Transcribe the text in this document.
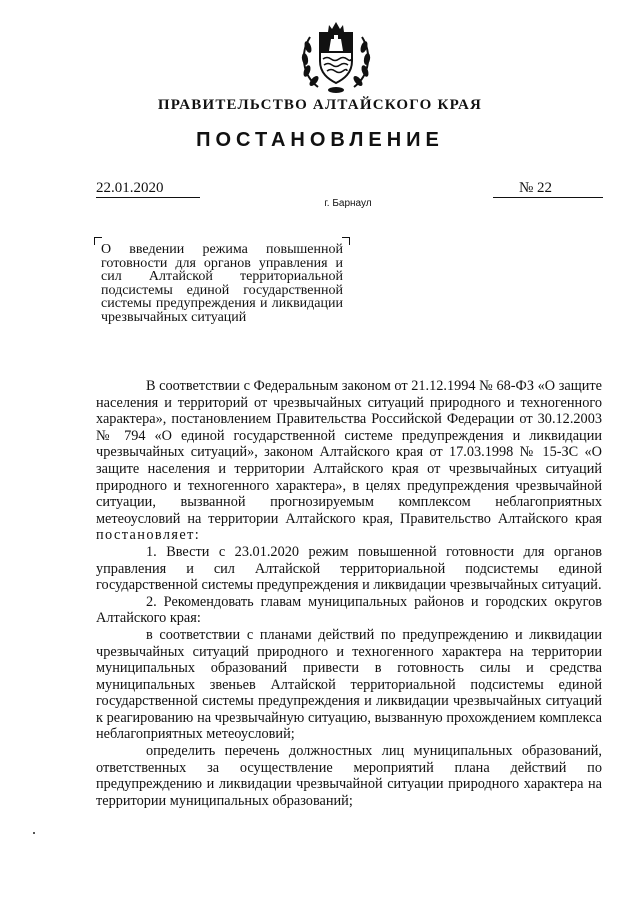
ПРАВИТЕЛЬСТВО АЛТАЙСКОГО КРАЯ
ПОСТАНОВЛЕНИЕ
22.01.2020	№ 22
г. Барнаул
О введении режима повышенной готовности для органов управления и сил Алтайской территориальной подсистемы единой государственной системы предупреждения и ликвидации чрезвычайных ситуаций

В соответствии с Федеральным законом от 21.12.1994 № 68-ФЗ «О защите населения и территорий от чрезвычайных ситуаций природного и техногенного характера», постановлением Правительства Российской Федерации от 30.12.2003 № 794 «О единой государственной системе предупреждения и ликвидации чрезвычайных ситуаций», законом Алтайского края от 17.03.1998 № 15-ЗС «О защите населения и территории Алтайского края от чрезвычайных ситуаций природного и техногенного характера», в целях предупреждения чрезвычайной ситуации, вызванной прогнозируемым комплексом неблагоприятных метеоусловий на территории Алтайского края, Правительство Алтайского края постановляет:

1. Ввести с 23.01.2020 режим повышенной готовности для органов управления и сил Алтайской территориальной подсистемы единой государственной системы предупреждения и ликвидации чрезвычайных ситуаций.

2. Рекомендовать главам муниципальных районов и городских округов Алтайского края:

в соответствии с планами действий по предупреждению и ликвидации чрезвычайных ситуаций природного и техногенного характера на территории муниципальных образований привести в готовность силы и средства муниципальных звеньев Алтайской территориальной подсистемы единой государственной системы предупреждения и ликвидации чрезвычайных ситуаций к реагированию на чрезвычайную ситуацию, вызванную прохождением комплекса неблагоприятных метеоусловий;

определить перечень должностных лиц муниципальных образований, ответственных за осуществление мероприятий плана действий по предупреждению и ликвидации чрезвычайной ситуации природного характера на территории муниципальных образований;
